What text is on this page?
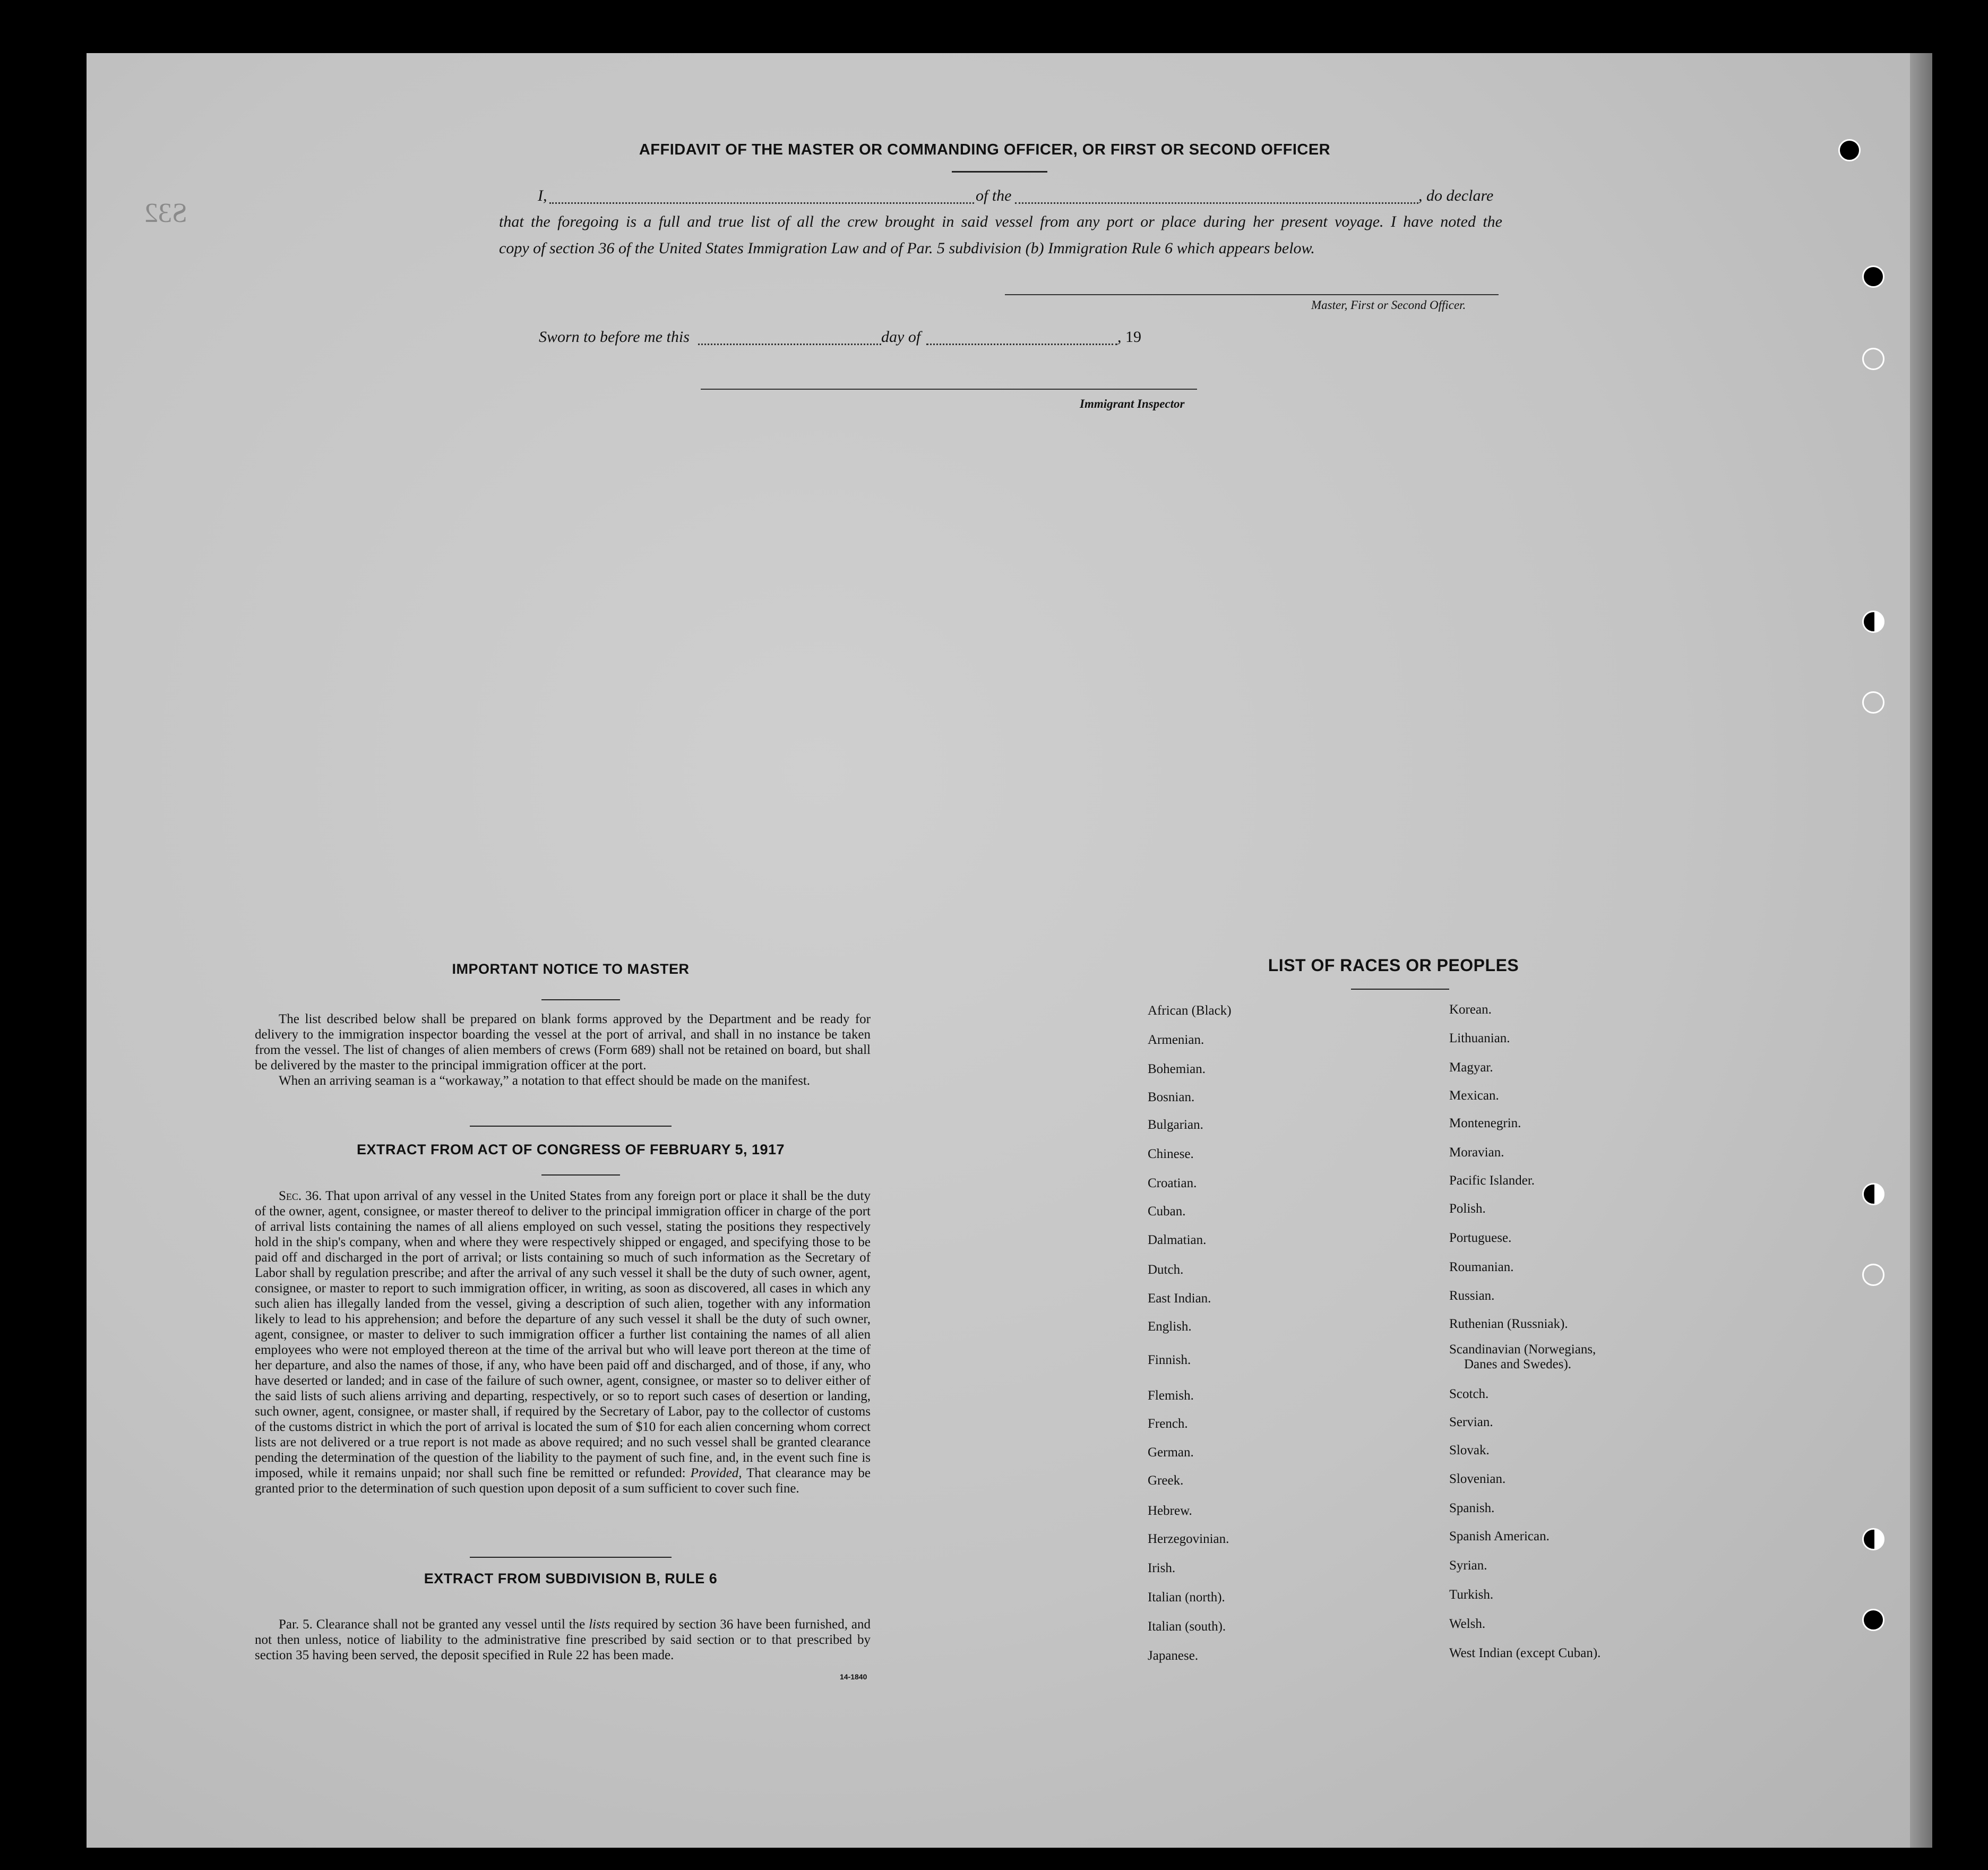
S32
AFFIDAVIT OF THE MASTER OR COMMANDING OFFICER, OR FIRST OR SECOND OFFICER
I,	of the	, do declare
that the foregoing is a full and true list of all the crew brought in said vessel from any port or place during her present voyage. I have noted the
copy of section 36 of the United States Immigration Law and of Par. 5 subdivision (b) Immigration Rule 6 which appears below.
Master, First or Second Officer.
Sworn to before me this	day of	, 19
Immigrant Inspector
IMPORTANT NOTICE TO MASTER

The list described below shall be prepared on blank forms approved by the Department and be ready for delivery to the immigration inspector boarding the vessel at the port of arrival, and shall in no instance be taken from the vessel. The list of changes of alien members of crews (Form 689) shall not be retained on board, but shall be delivered by the master to the principal immigration officer at the port.

When an arriving seaman is a “workaway,” a notation to that effect should be made on the manifest.

EXTRACT FROM ACT OF CONGRESS OF FEBRUARY 5, 1917

Sec. 36. That upon arrival of any vessel in the United States from any foreign port or place it shall be the duty of the owner, agent, consignee, or master thereof to deliver to the principal immigration officer in charge of the port of arrival lists containing the names of all aliens employed on such vessel, stating the positions they respectively hold in the ship's company, when and where they were respectively shipped or engaged, and specifying those to be paid off and discharged in the port of arrival; or lists containing so much of such information as the Secretary of Labor shall by regulation prescribe; and after the arrival of any such vessel it shall be the duty of such owner, agent, consignee, or master to report to such immigration officer, in writing, as soon as discovered, all cases in which any such alien has illegally landed from the vessel, giving a description of such alien, together with any information likely to lead to his apprehension; and before the departure of any such vessel it shall be the duty of such owner, agent, consignee, or master to deliver to such immigration officer a further list containing the names of all alien employees who were not employed thereon at the time of the arrival but who will leave port thereon at the time of her departure, and also the names of those, if any, who have been paid off and discharged, and of those, if any, who have deserted or landed; and in case of the failure of such owner, agent, consignee, or master so to deliver either of the said lists of such aliens arriving and departing, respectively, or so to report such cases of desertion or landing, such owner, agent, consignee, or master shall, if required by the Secretary of Labor, pay to the collector of customs of the customs district in which the port of arrival is located the sum of $10 for each alien concerning whom correct lists are not delivered or a true report is not made as above required; and no such vessel shall be granted clearance pending the determination of the question of the liability to the payment of such fine, and, in the event such fine is imposed, while it remains unpaid; nor shall such fine be remitted or refunded: Provided, That clearance may be granted prior to the determination of such question upon deposit of a sum sufficient to cover such fine.

EXTRACT FROM SUBDIVISION B, RULE 6

Par. 5. Clearance shall not be granted any vessel until the lists required by section 36 have been furnished, and not then unless, notice of liability to the administrative fine prescribed by said section or to that prescribed by section 35 having been served, the deposit specified in Rule 22 has been made.

14-1840
LIST OF RACES OR PEOPLES
African (Black)
Armenian.
Bohemian.
Bosnian.
Bulgarian.
Chinese.
Croatian.
Cuban.
Dalmatian.
Dutch.
East Indian.
English.
Finnish.
Flemish.
French.
German.
Greek.
Hebrew.
Herzegovinian.
Irish.
Italian (north).
Italian (south).
Japanese.
Korean.
Lithuanian.
Magyar.
Mexican.
Montenegrin.
Moravian.
Pacific Islander.
Polish.
Portuguese.
Roumanian.
Russian.
Ruthenian (Russniak).
Scandinavian (Norwegians,
Danes and Swedes).
Scotch.
Servian.
Slovak.
Slovenian.
Spanish.
Spanish American.
Syrian.
Turkish.
Welsh.
West Indian (except Cuban).
